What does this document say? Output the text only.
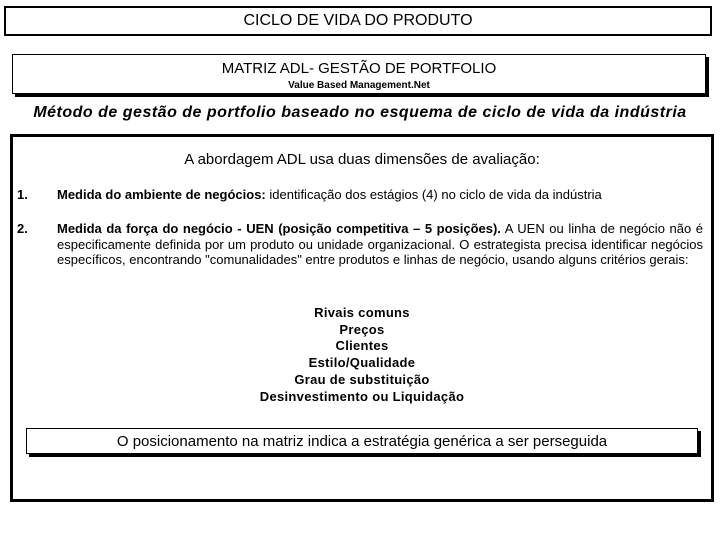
CICLO DE VIDA DO PRODUTO
MATRIZ ADL- GESTÃO DE PORTFOLIO
Value Based Management.Net
Método de gestão de portfolio baseado no esquema de ciclo de vida da indústria
A abordagem ADL usa duas dimensões de avaliação:
1. Medida do ambiente de negócios: identificação dos estágios (4) no ciclo de vida da indústria
2. Medida da força do negócio - UEN (posição competitiva – 5 posições). A UEN ou linha de negócio não é especificamente definida por um produto ou unidade organizacional. O estrategista precisa identificar negócios específicos, encontrando "comunalidades" entre produtos e linhas de negócio, usando alguns critérios gerais:
Rivais comuns
Preços
Clientes
Estilo/Qualidade
Grau de substituição
Desinvestimento ou Liquidação
O posicionamento na matriz indica a estratégia genérica a ser perseguida
